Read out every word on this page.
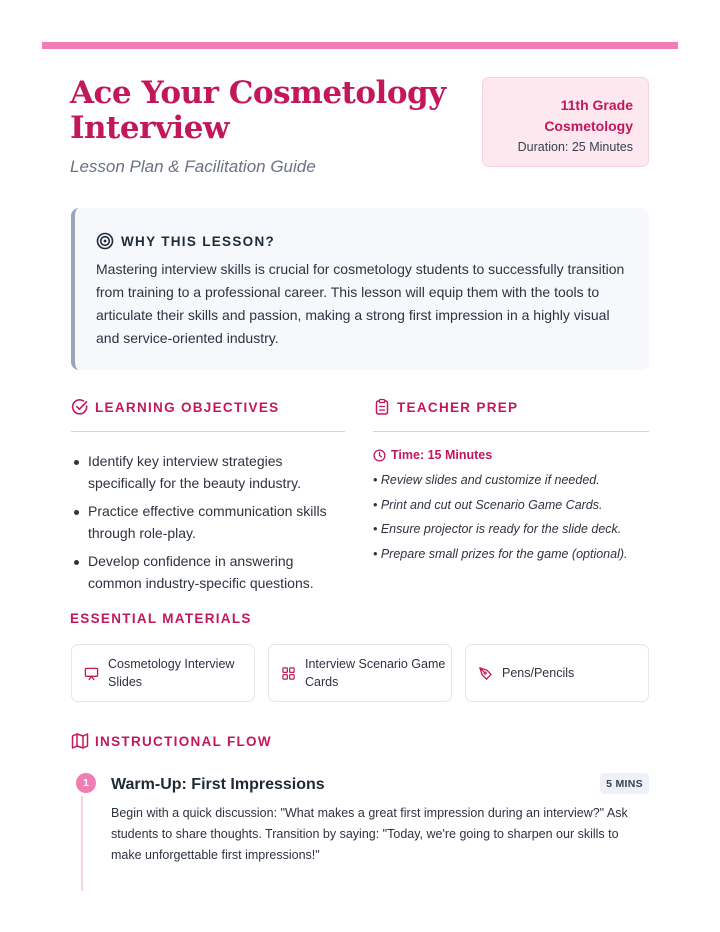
Ace Your Cosmetology Interview
Lesson Plan & Facilitation Guide
11th Grade
Cosmetology
Duration: 25 Minutes
WHY THIS LESSON?
Mastering interview skills is crucial for cosmetology students to successfully transition from training to a professional career. This lesson will equip them with the tools to articulate their skills and passion, making a strong first impression in a highly visual and service-oriented industry.
LEARNING OBJECTIVES
Identify key interview strategies specifically for the beauty industry.
Practice effective communication skills through role-play.
Develop confidence in answering common industry-specific questions.
TEACHER PREP
Time: 15 Minutes
• Review slides and customize if needed.
• Print and cut out Scenario Game Cards.
• Ensure projector is ready for the slide deck.
• Prepare small prizes for the game (optional).
ESSENTIAL MATERIALS
Cosmetology Interview Slides
Interview Scenario Game Cards
Pens/Pencils
INSTRUCTIONAL FLOW
1	Warm-Up: First Impressions	5 MINS
Begin with a quick discussion: "What makes a great first impression during an interview?" Ask students to share thoughts. Transition by saying: "Today, we're going to sharpen our skills to make unforgettable first impressions!"
